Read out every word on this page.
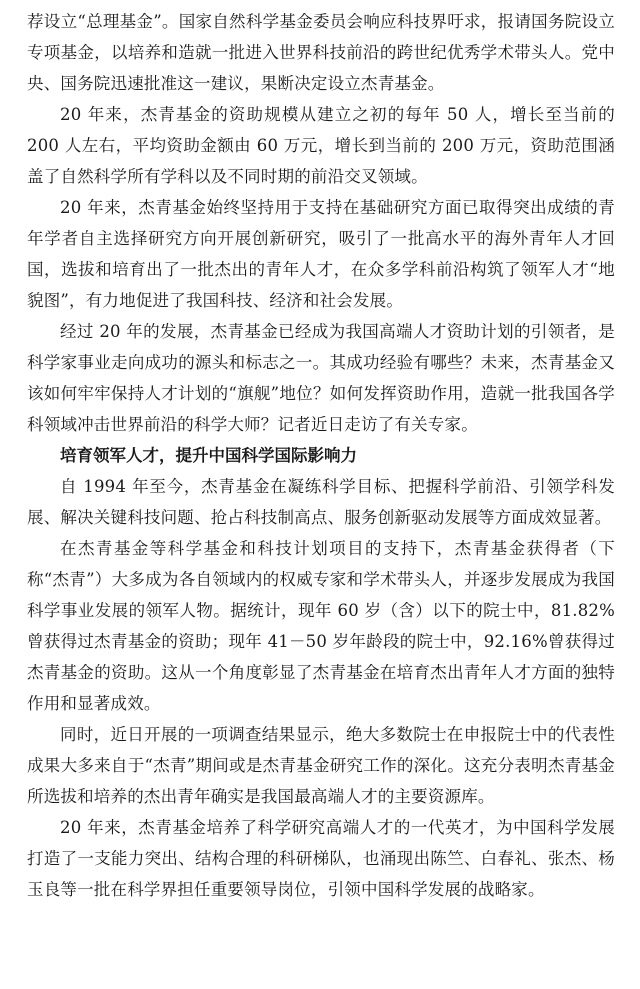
荐设立“总理基金”。国家自然科学基金委员会响应科技界吁求，报请国务院设立专项基金，以培养和造就一批进入世界科技前沿的跨世纪优秀学术带头人。党中央、国务院迅速批准这一建议，果断决定设立杰青基金。

20 年来，杰青基金的资助规模从建立之初的每年 50 人，增长至当前的 200 人左右，平均资助金额由 60 万元，增长到当前的 200 万元，资助范围涵盖了自然科学所有学科以及不同时期的前沿交叉领域。

20 年来，杰青基金始终坚持用于支持在基础研究方面已取得突出成绩的青年学者自主选择研究方向开展创新研究，吸引了一批高水平的海外青年人才回国，选拔和培育出了一批杰出的青年人才，在众多学科前沿构筑了领军人才“地貌图”，有力地促进了我国科技、经济和社会发展。

经过 20 年的发展，杰青基金已经成为我国高端人才资助计划的引领者，是科学家事业走向成功的源头和标志之一。其成功经验有哪些？未来，杰青基金又该如何牢牢保持人才计划的“旗舰”地位？如何发挥资助作用，造就一批我国各学科领域冲击世界前沿的科学大师？记者近日走访了有关专家。

培育领军人才，提升中国科学国际影响力

自 1994 年至今，杰青基金在凝练科学目标、把握科学前沿、引领学科发展、解决关键科技问题、抢占科技制高点、服务创新驱动发展等方面成效显著。

在杰青基金等科学基金和科技计划项目的支持下，杰青基金获得者（下称“杰青”）大多成为各自领域内的权威专家和学术带头人，并逐步发展成为我国科学事业发展的领军人物。据统计，现年 60 岁（含）以下的院士中，81.82%曾获得过杰青基金的资助；现年 41－50 岁年龄段的院士中，92.16%曾获得过杰青基金的资助。这从一个角度彰显了杰青基金在培育杰出青年人才方面的独特作用和显著成效。

同时，近日开展的一项调查结果显示，绝大多数院士在申报院士中的代表性成果大多来自于“杰青”期间或是杰青基金研究工作的深化。这充分表明杰青基金所选拔和培养的杰出青年确实是我国最高端人才的主要资源库。

20 年来，杰青基金培养了科学研究高端人才的一代英才，为中国科学发展打造了一支能力突出、结构合理的科研梯队，也涌现出陈竺、白春礼、张杰、杨玉良等一批在科学界担任重要领导岗位，引领中国科学发展的战略家。
